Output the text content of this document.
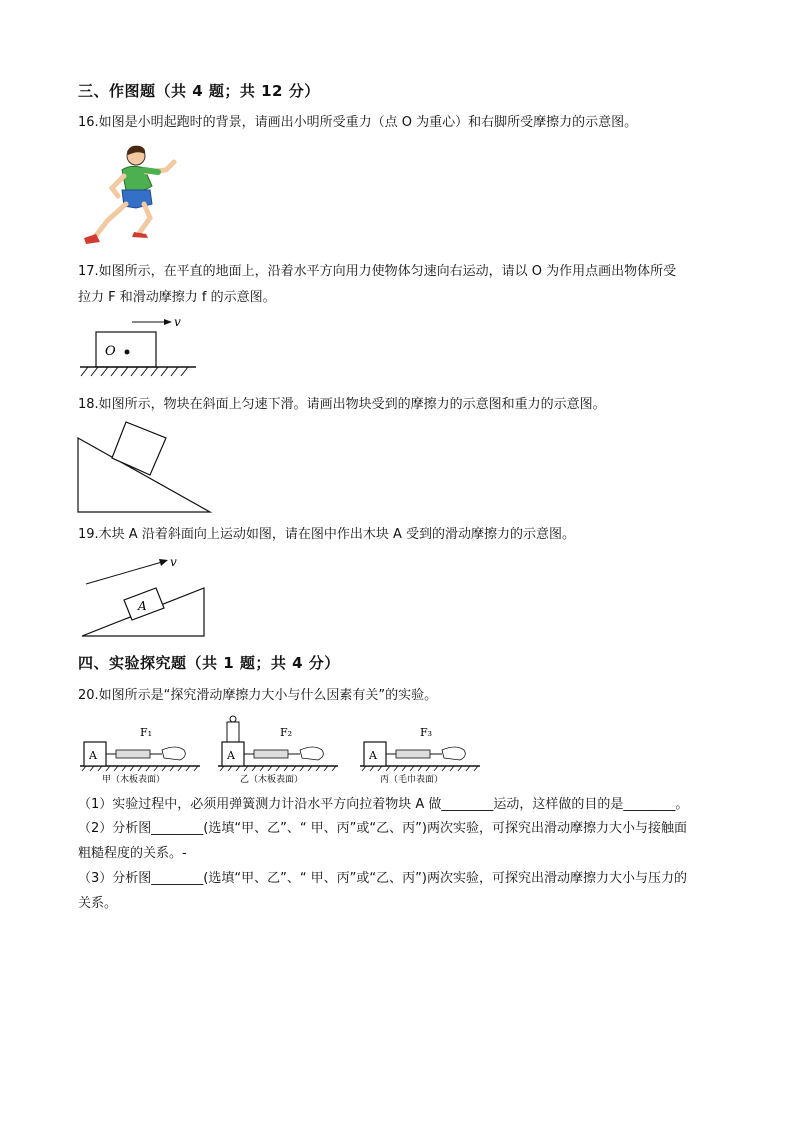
三、作图题（共 4 题；共 12 分）
16.如图是小明起跑时的背景，请画出小明所受重力（点 O 为重心）和右脚所受摩擦力的示意图。
17.如图所示，在平直的地面上，沿着水平方向用力使物体匀速向右运动，请以 O 为作用点画出物体所受
拉力 F 和滑动摩擦力 f 的示意图。
v
O
18.如图所示，物块在斜面上匀速下滑。请画出物块受到的摩擦力的示意图和重力的示意图。
19.木块 A 沿着斜面向上运动如图，请在图中作出木块 A 受到的滑动摩擦力的示意图。
A
v
四、实验探究题（共 1 题；共 4 分）
20.如图所示是“探究滑动摩擦力大小与什么因素有关”的实验。
A
F₁
甲（木板表面）
A
F₂
乙（木板表面）
A
F₃
丙（毛巾表面）
（1）实验过程中，必须用弹簧测力计沿水平方向拉着物块 A 做________运动，这样做的目的是________。
（2）分析图________(选填“甲、乙”、“ 甲、丙”或“乙、丙”)两次实验，可探究出滑动摩擦力大小与接触面
粗糙程度的关系。-
（3）分析图________(选填“甲、乙”、“ 甲、丙”或“乙、丙”)两次实验，可探究出滑动摩擦力大小与压力的
关系。
